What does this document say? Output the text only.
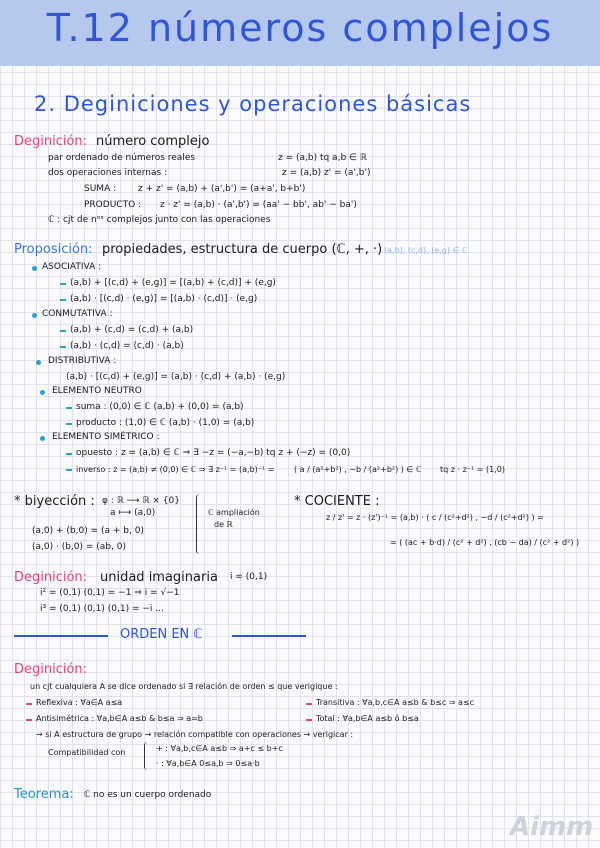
T.12 números complejos
2. Deginiciones y operaciones básicas
Deginición: número complejo
par ordenado de números reales	z = (a,b) tq a,b ∈ ℝ
dos operaciones internas :	z = (a,b) z' = (a',b')
SUMA : z + z' = (a,b) + (a',b') = (a+a', b+b')
PRODUCTO : z · z' = (a,b) · (a',b') = (aa' − bb', ab' − ba')
ℂ : cjt de nᵒˢ complejos junto con las operaciones
Proposición: propiedades, estructura de cuerpo (ℂ, +, ·) (a,b), (c,d), (e,g) ∈ ℂ
ASOCIATIVA :
(a,b) + [(c,d) + (e,g)] = [(a,b) + (c,d)] + (e,g)
(a,b) · [(c,d) · (e,g)] = [(a,b) · (c,d)] · (e,g)
CONMUTATIVA :
(a,b) + (c,d) = (c,d) + (a,b)
(a,b) · (c,d) = (c,d) · (a,b)
DISTRIBUTIVA :
(a,b) · [(c,d) + (e,g)] = (a,b) · (c,d) + (a,b) · (e,g)
ELEMENTO NEUTRO
suma : (0,0) ∈ ℂ (a,b) + (0,0) = (a,b)
producto : (1,0) ∈ ℂ (a,b) · (1,0) = (a,b)
ELEMENTO SIMÉTRICO :
opuesto : z = (a,b) ∈ ℂ ⇒ ∃ −z = (−a,−b) tq z + (−z) = (0,0)
inverso : z = (a,b) ≠ (0,0) ∈ ℂ ⇒ ∃ z⁻¹ = (a,b)⁻¹ = ( a / (a²+b²) , −b / (a²+b²) ) ∈ ℂ tq z · z⁻¹ = (1,0)
* biyección : φ : ℝ ⟶ ℝ × {0}
a ⟼ (a,0)
(a,0) + (b,0) = (a + b, 0)
(a,0) · (b,0) = (ab, 0)
ℂ ampliación
de ℝ
* COCIENTE :
z / z' = z · (z')⁻¹ = (a,b) · ( c / (c²+d²) , −d / (c²+d²) ) =
= ( (ac + b·d) / (c² + d²) , (cb − da) / (c² + d²) )
Deginición: unidad imaginaria i = (0,1)
i² = (0,1) (0,1) = −1 ⇒ i = √−1
i³ = (0,1) (0,1) (0,1) = −i ...
ORDEN EN ℂ
Deginición:
un cjt cualquiera A se dice ordenado si ∃ relación de orden ≤ que verigique :
Reflexiva : ∀a∈A a≤a	Transitiva : ∀a,b,c∈A a≤b & b≤c ⇒ a≤c
Antisimétrica : ∀a,b∈A a≤b & b≤a ⇒ a=b	Total : ∀a,b∈A a≤b ó b≤a
→ si A estructura de grupo → relación compatible con operaciones → verigicar :
Compatibilidad con	+ : ∀a,b,c∈A a≤b ⇒ a+c ≤ b+c
· : ∀a,b∈A 0≤a,b ⇒ 0≤a·b
Teorema: ℂ no es un cuerpo ordenado
Aimm
